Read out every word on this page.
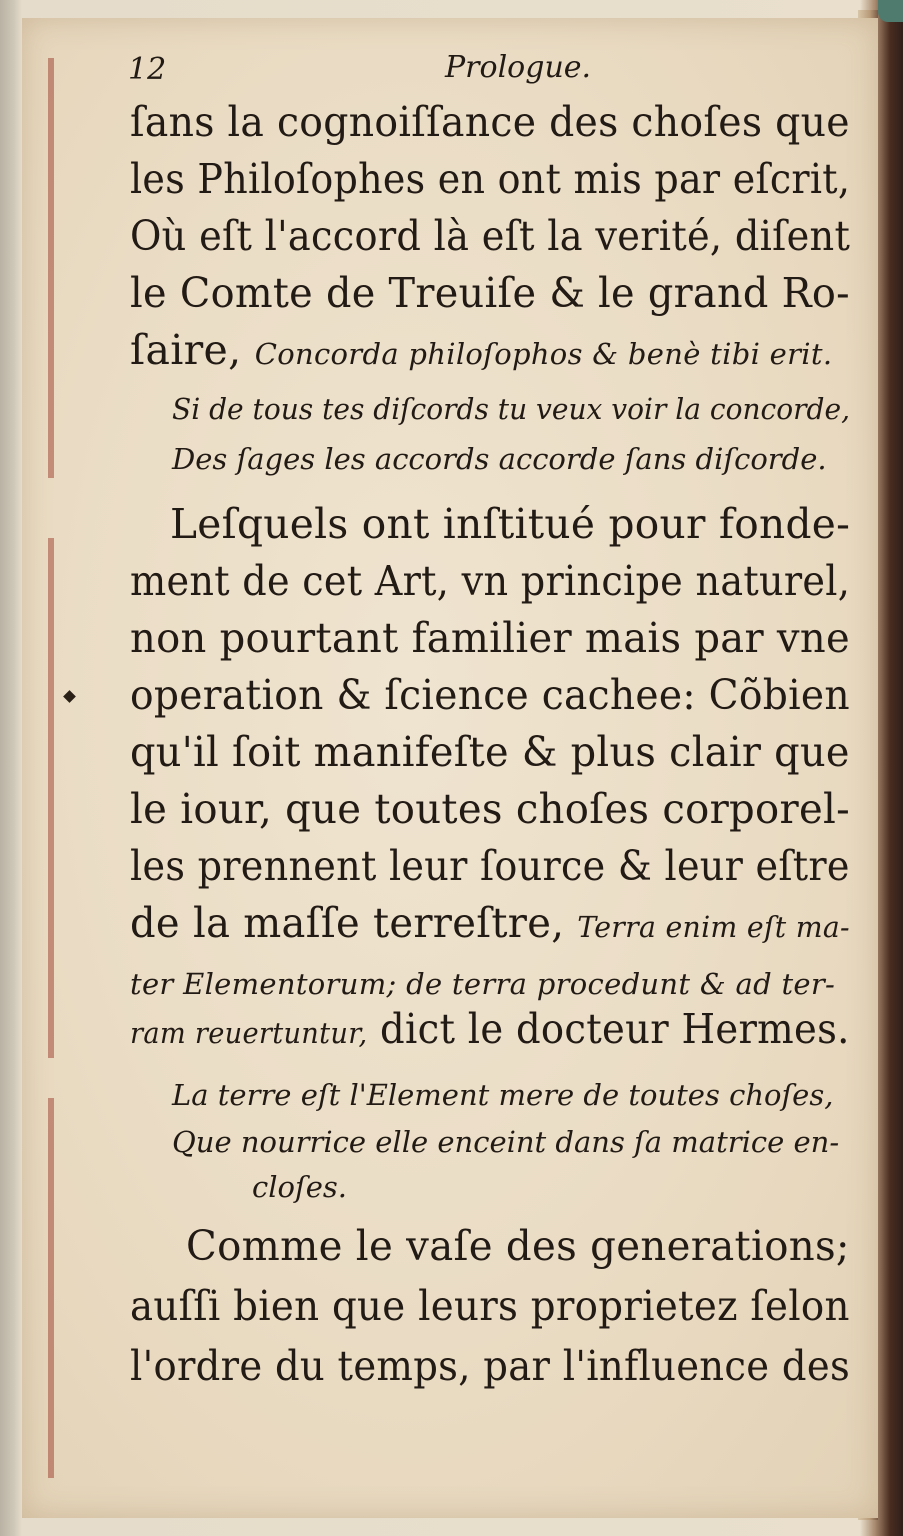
12	Prologue.
ſans la cognoiſſance des choſes que
les Philoſophes en ont mis par eſcrit,
Où eſt l'accord là eſt la verité, diſent
le Comte de Treuiſe & le grand Ro-
ſaire, Concorda philoſophos & benè tibi erit.
Si de tous tes diſcords tu veux voir la concorde,
Des ſages les accords accorde ſans diſcorde.
Leſquels ont inſtitué pour fonde-
ment de cet Art, vn principe naturel,
non pourtant familier mais par vne
operation & ſcience cachee: Cõbien
qu'il ſoit manifeſte & plus clair que
le iour, que toutes choſes corporel-
les prennent leur ſource & leur eſtre
de la maſſe terreſtre, Terra enim eſt ma-
ter Elementorum; de terra procedunt & ad ter-
ram reuertuntur, dict le docteur Hermes.
La terre eſt l'Element mere de toutes choſes,
Que nourrice elle enceint dans ſa matrice en-
cloſes.
Comme le vaſe des generations;
auſſi bien que leurs proprietez ſelon
l'ordre du temps, par l'influence des
